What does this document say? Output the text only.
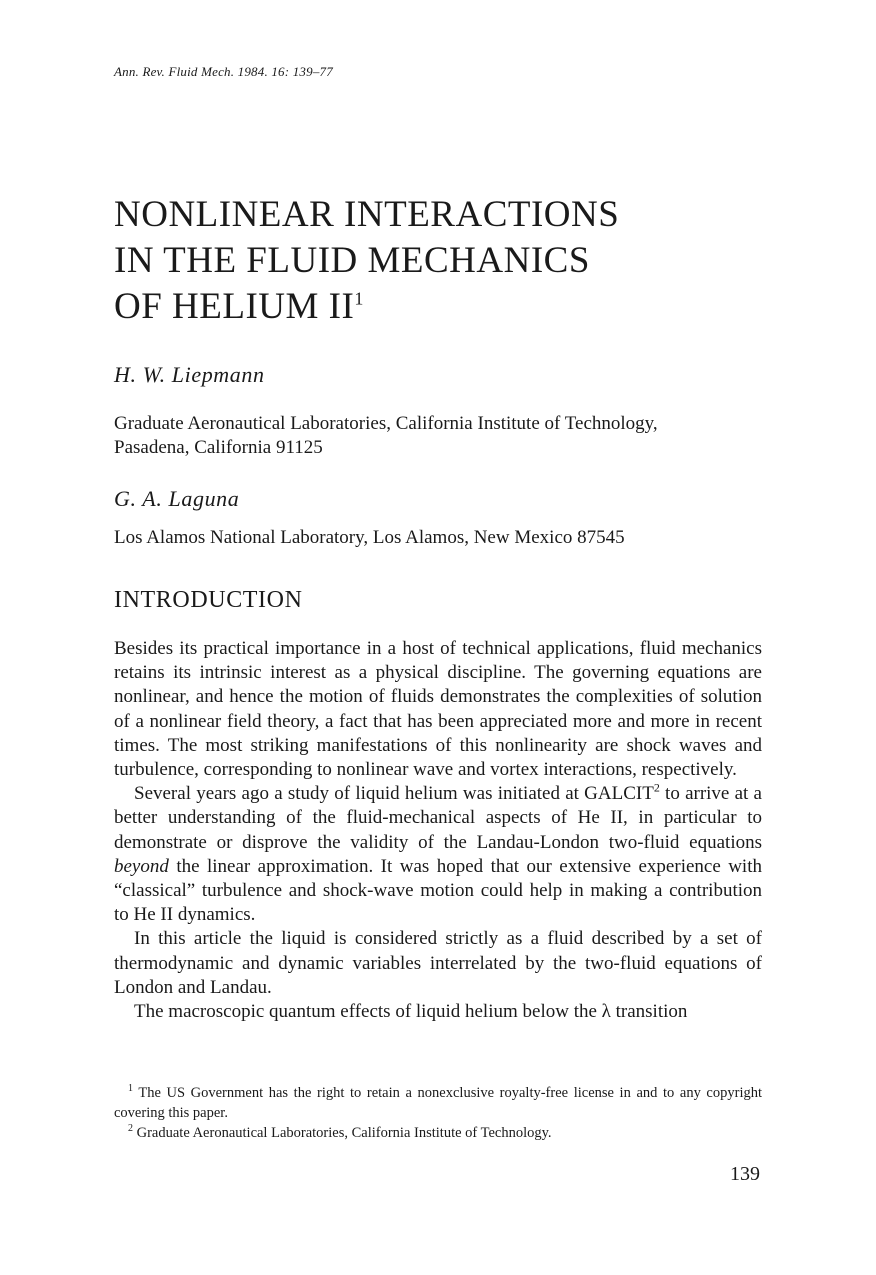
Ann. Rev. Fluid Mech. 1984. 16: 139–77
NONLINEAR INTERACTIONS
IN THE FLUID MECHANICS
OF HELIUM $II^1$
H. W. Liepmann
Graduate Aeronautical Laboratories, California Institute of Technology,
Pasadena, California 91125
G. A. Laguna
Los Alamos National Laboratory, Los Alamos, New Mexico 87545
INTRODUCTION

Besides its practical importance in a host of technical applications, fluid mechanics retains its intrinsic interest as a physical discipline. The governing equations are nonlinear, and hence the motion of fluids demonstrates the complexities of solution of a nonlinear field theory, a fact that has been appreciated more and more in recent times. The most striking manifestations of this nonlinearity are shock waves and turbulence, corresponding to nonlinear wave and vortex interactions, respectively.

Several years ago a study of liquid helium was initiated at GALCIT$^2$ to arrive at a better understanding of the fluid-mechanical aspects of He II, in particular to demonstrate or disprove the validity of the Landau-London two-fluid equations beyond the linear approximation. It was hoped that our extensive experience with “classical” turbulence and shock-wave motion could help in making a contribution to He II dynamics.

In this article the liquid is considered strictly as a fluid described by a set of thermodynamic and dynamic variables interrelated by the two-fluid equations of London and Landau.

The macroscopic quantum effects of liquid helium below the λ transition

$^1$ The US Government has the right to retain a nonexclusive royalty-free license in and to any copyright covering this paper.

$^2$ Graduate Aeronautical Laboratories, California Institute of Technology.

139
